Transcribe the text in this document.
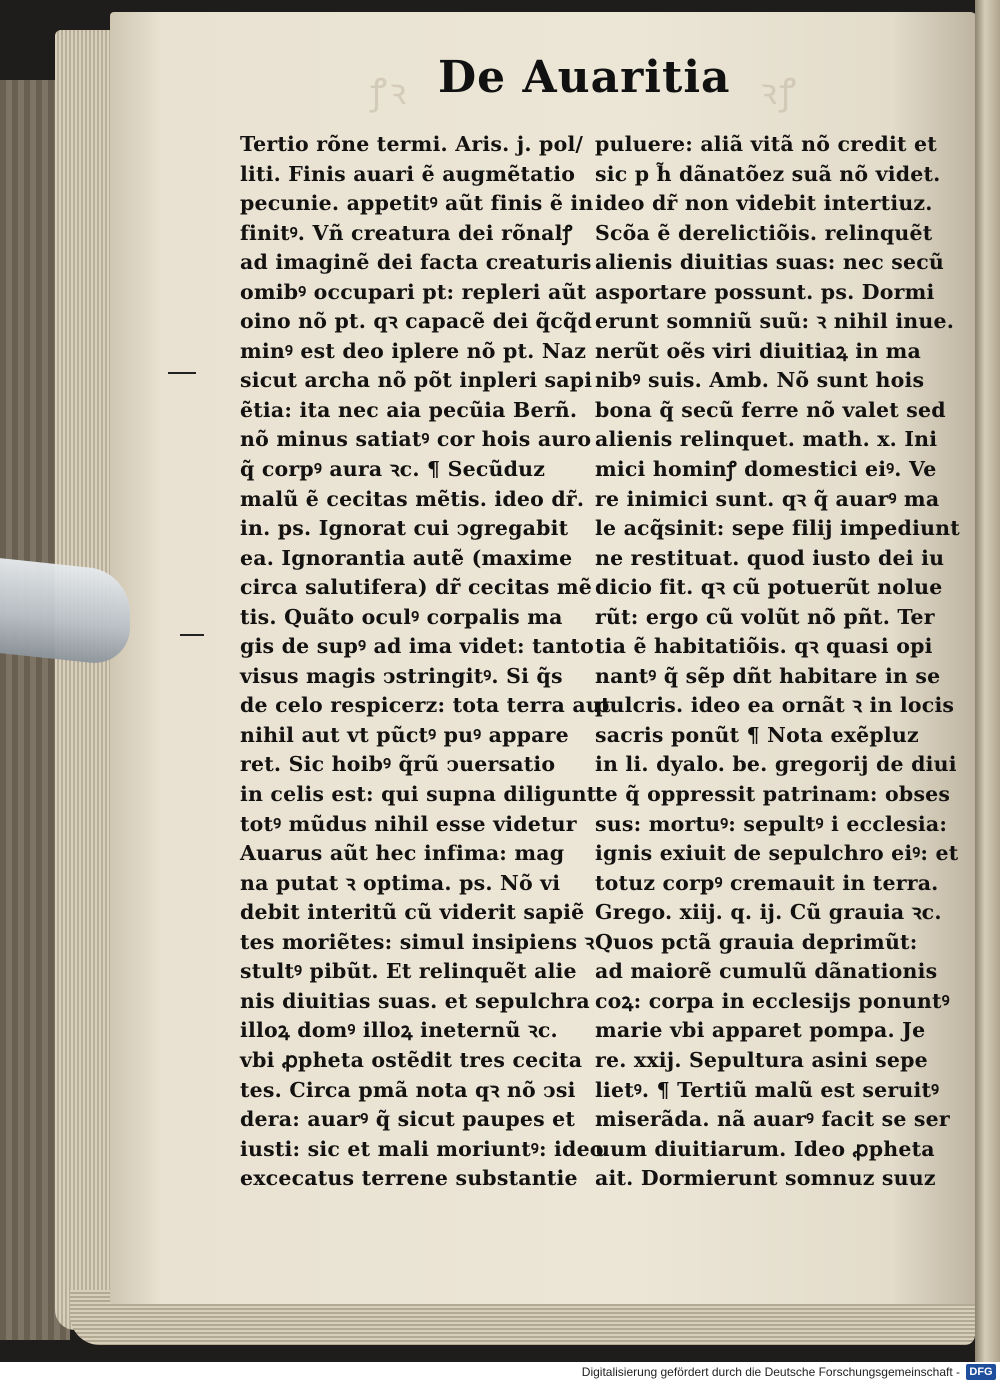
ꝭꝛ	ꝛꝭ
De Auaritia
Tertio rõne termi. Aris. j. pol/
liti. Finis auari ẽ augmẽtatio
pecunie. appetitꝰ aũt finis ẽ in
finitꝰ. Vñ creatura dei rõnalꝭ
ad imaginẽ dei facta creaturis
omibꝰ occupari pt: repleri aũt
oino nõ pt. qꝛ capacẽ dei q̃cq̃d
minꝰ est deo iplere nõ pt. Naz
sicut archa nõ põt inpleri sapi
ẽtia: ita nec aia pecũia Berñ.
nõ minus satiatꝰ cor hois auro
q̃ corpꝰ aura ꝛc. ¶ Secũduz
malũ ẽ cecitas mẽtis. ideo dr̃.
in. ps. Ignorat cui ↄgregabit
ea. Ignorantia autẽ (maxime
circa salutifera) dr̃ cecitas mẽ
tis. Quãto oculꝰ corpalis ma
gis de supꝰ ad ima videt: tanto
visus magis ↄstringitꝰ. Si q̃s
de celo respicerz: tota terra aut
nihil aut vt pũctꝰ puꝰ appare
ret. Sic hoibꝰ q̃rũ ↄuersatio
in celis est: qui supna diligunt
totꝰ mũdus nihil esse videtur
Auarus aũt hec infima: mag
na putat ꝛ optima. ps. Nõ vi
debit interitũ cũ viderit sapiẽ
tes moriẽtes: simul insipiens ꝛ
stultꝰ pibũt. Et relinquẽt alie
nis diuitias suas. et sepulchra
illoꝝ domꝰ illoꝝ ineternũ ꝛc.
vbi ꝓpheta ostẽdit tres cecita
tes. Circa pmã nota qꝛ nõ ↄsi
dera: auarꝰ q̃ sicut paupes et
iusti: sic et mali moriuntꝰ: ideo
excecatus terrene substantie
puluere: aliã vitã nõ credit et
sic p h̃ dãnatõez suã nõ videt.
ideo dr̃ non videbit intertiuz.
Scõa ẽ derelictiõis. relinquẽt
alienis diuitias suas: nec secũ
asportare possunt. ps. Dormi
erunt somniũ suũ: ꝛ nihil inue.
nerũt oẽs viri diuitiaꝝ in ma
nibꝰ suis. Amb. Nõ sunt hois
bona q̃ secũ ferre nõ valet sed
alienis relinquet. math. x. Ini
mici hominꝭ domestici eiꝰ. Ve
re inimici sunt. qꝛ q̃ auarꝰ ma
le acq̃sinit: sepe filij impediunt
ne restituat. quod iusto dei iu
dicio fit. qꝛ cũ potuerũt nolue
rũt: ergo cũ volũt nõ pñt. Ter
tia ẽ habitatiõis. qꝛ quasi opi
nantꝰ q̃ sẽp dñt habitare in se
pulcris. ideo ea ornãt ꝛ in locis
sacris ponũt ¶ Nota exẽpluz
in li. dyalo. be. gregorij de diui
te q̃ oppressit patrinam: obses
sus: mortuꝰ: sepultꝰ i ecclesia:
ignis exiuit de sepulchro eiꝰ: et
totuz corpꝰ cremauit in terra.
Grego. xiij. q. ij. Cũ grauia ꝛc.
Quos pctã grauia deprimũt:
ad maiorẽ cumulũ dãnationis
coꝝ: corpa in ecclesijs ponuntꝰ
marie vbi apparet pompa. Je
re. xxij. Sepultura asini sepe
lietꝰ. ¶ Tertiũ malũ est seruitꝰ
miserãda. nã auarꝰ facit se ser
uum diuitiarum. Ideo ꝓpheta
ait. Dormierunt somnuz suuz
Digitalisierung gefördert durch die Deutsche Forschungsgemeinschaft - DFG
